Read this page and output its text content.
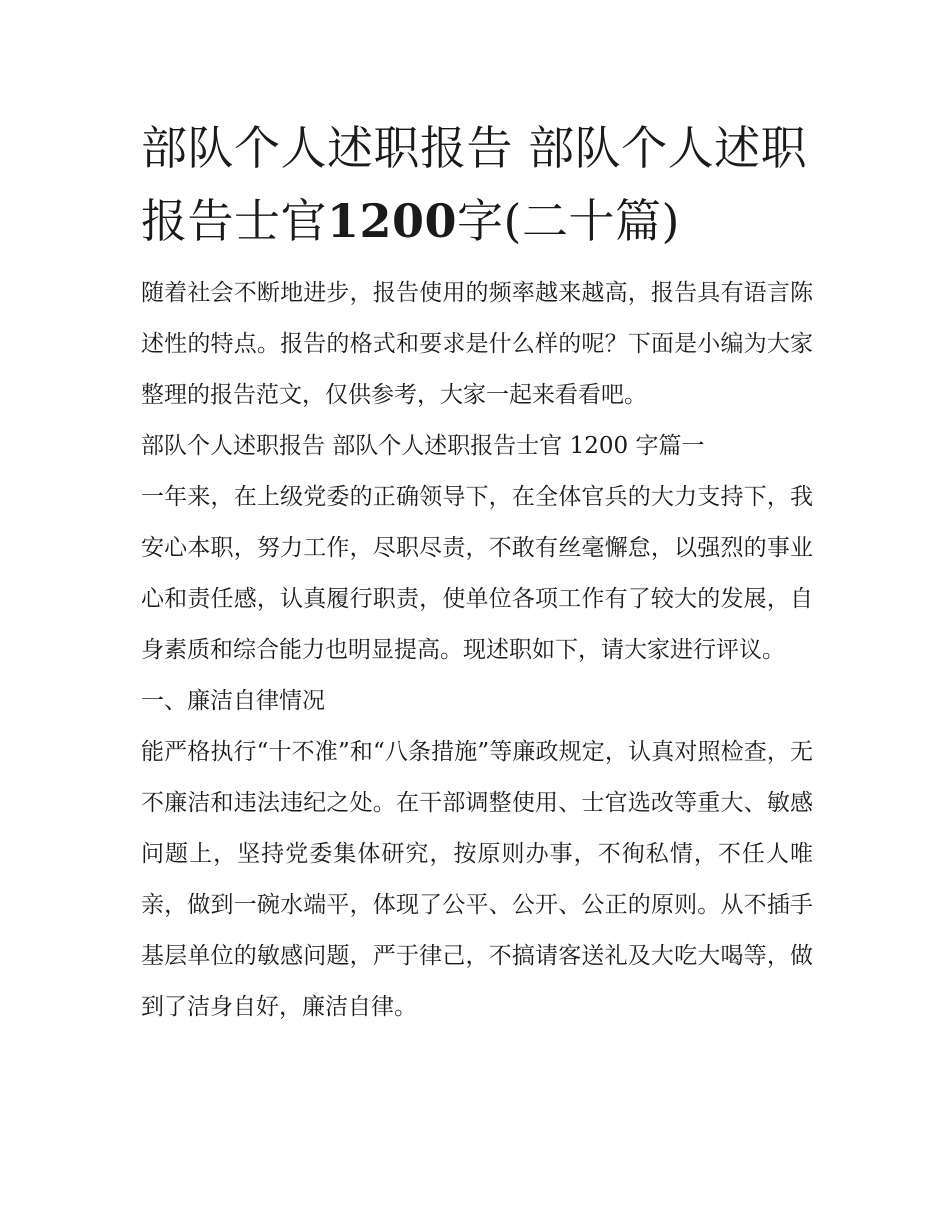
部队个人述职报告 部队个人述职报告士官1200字(二十篇)

随着社会不断地进步，报告使用的频率越来越高，报告具有语言陈述性的特点。报告的格式和要求是什么样的呢？下面是小编为大家整理的报告范文，仅供参考，大家一起来看看吧。

部队个人述职报告 部队个人述职报告士官 1200 字篇一

一年来，在上级党委的正确领导下，在全体官兵的大力支持下，我安心本职，努力工作，尽职尽责，不敢有丝毫懈怠，以强烈的事业心和责任感，认真履行职责，使单位各项工作有了较大的发展，自身素质和综合能力也明显提高。现述职如下，请大家进行评议。

一、廉洁自律情况

能严格执行“十不准”和“八条措施”等廉政规定，认真对照检查，无不廉洁和违法违纪之处。在干部调整使用、士官选改等重大、敏感问题上，坚持党委集体研究，按原则办事，不徇私情，不任人唯亲，做到一碗水端平，体现了公平、公开、公正的原则。从不插手基层单位的敏感问题，严于律己，不搞请客送礼及大吃大喝等，做到了洁身自好，廉洁自律。
